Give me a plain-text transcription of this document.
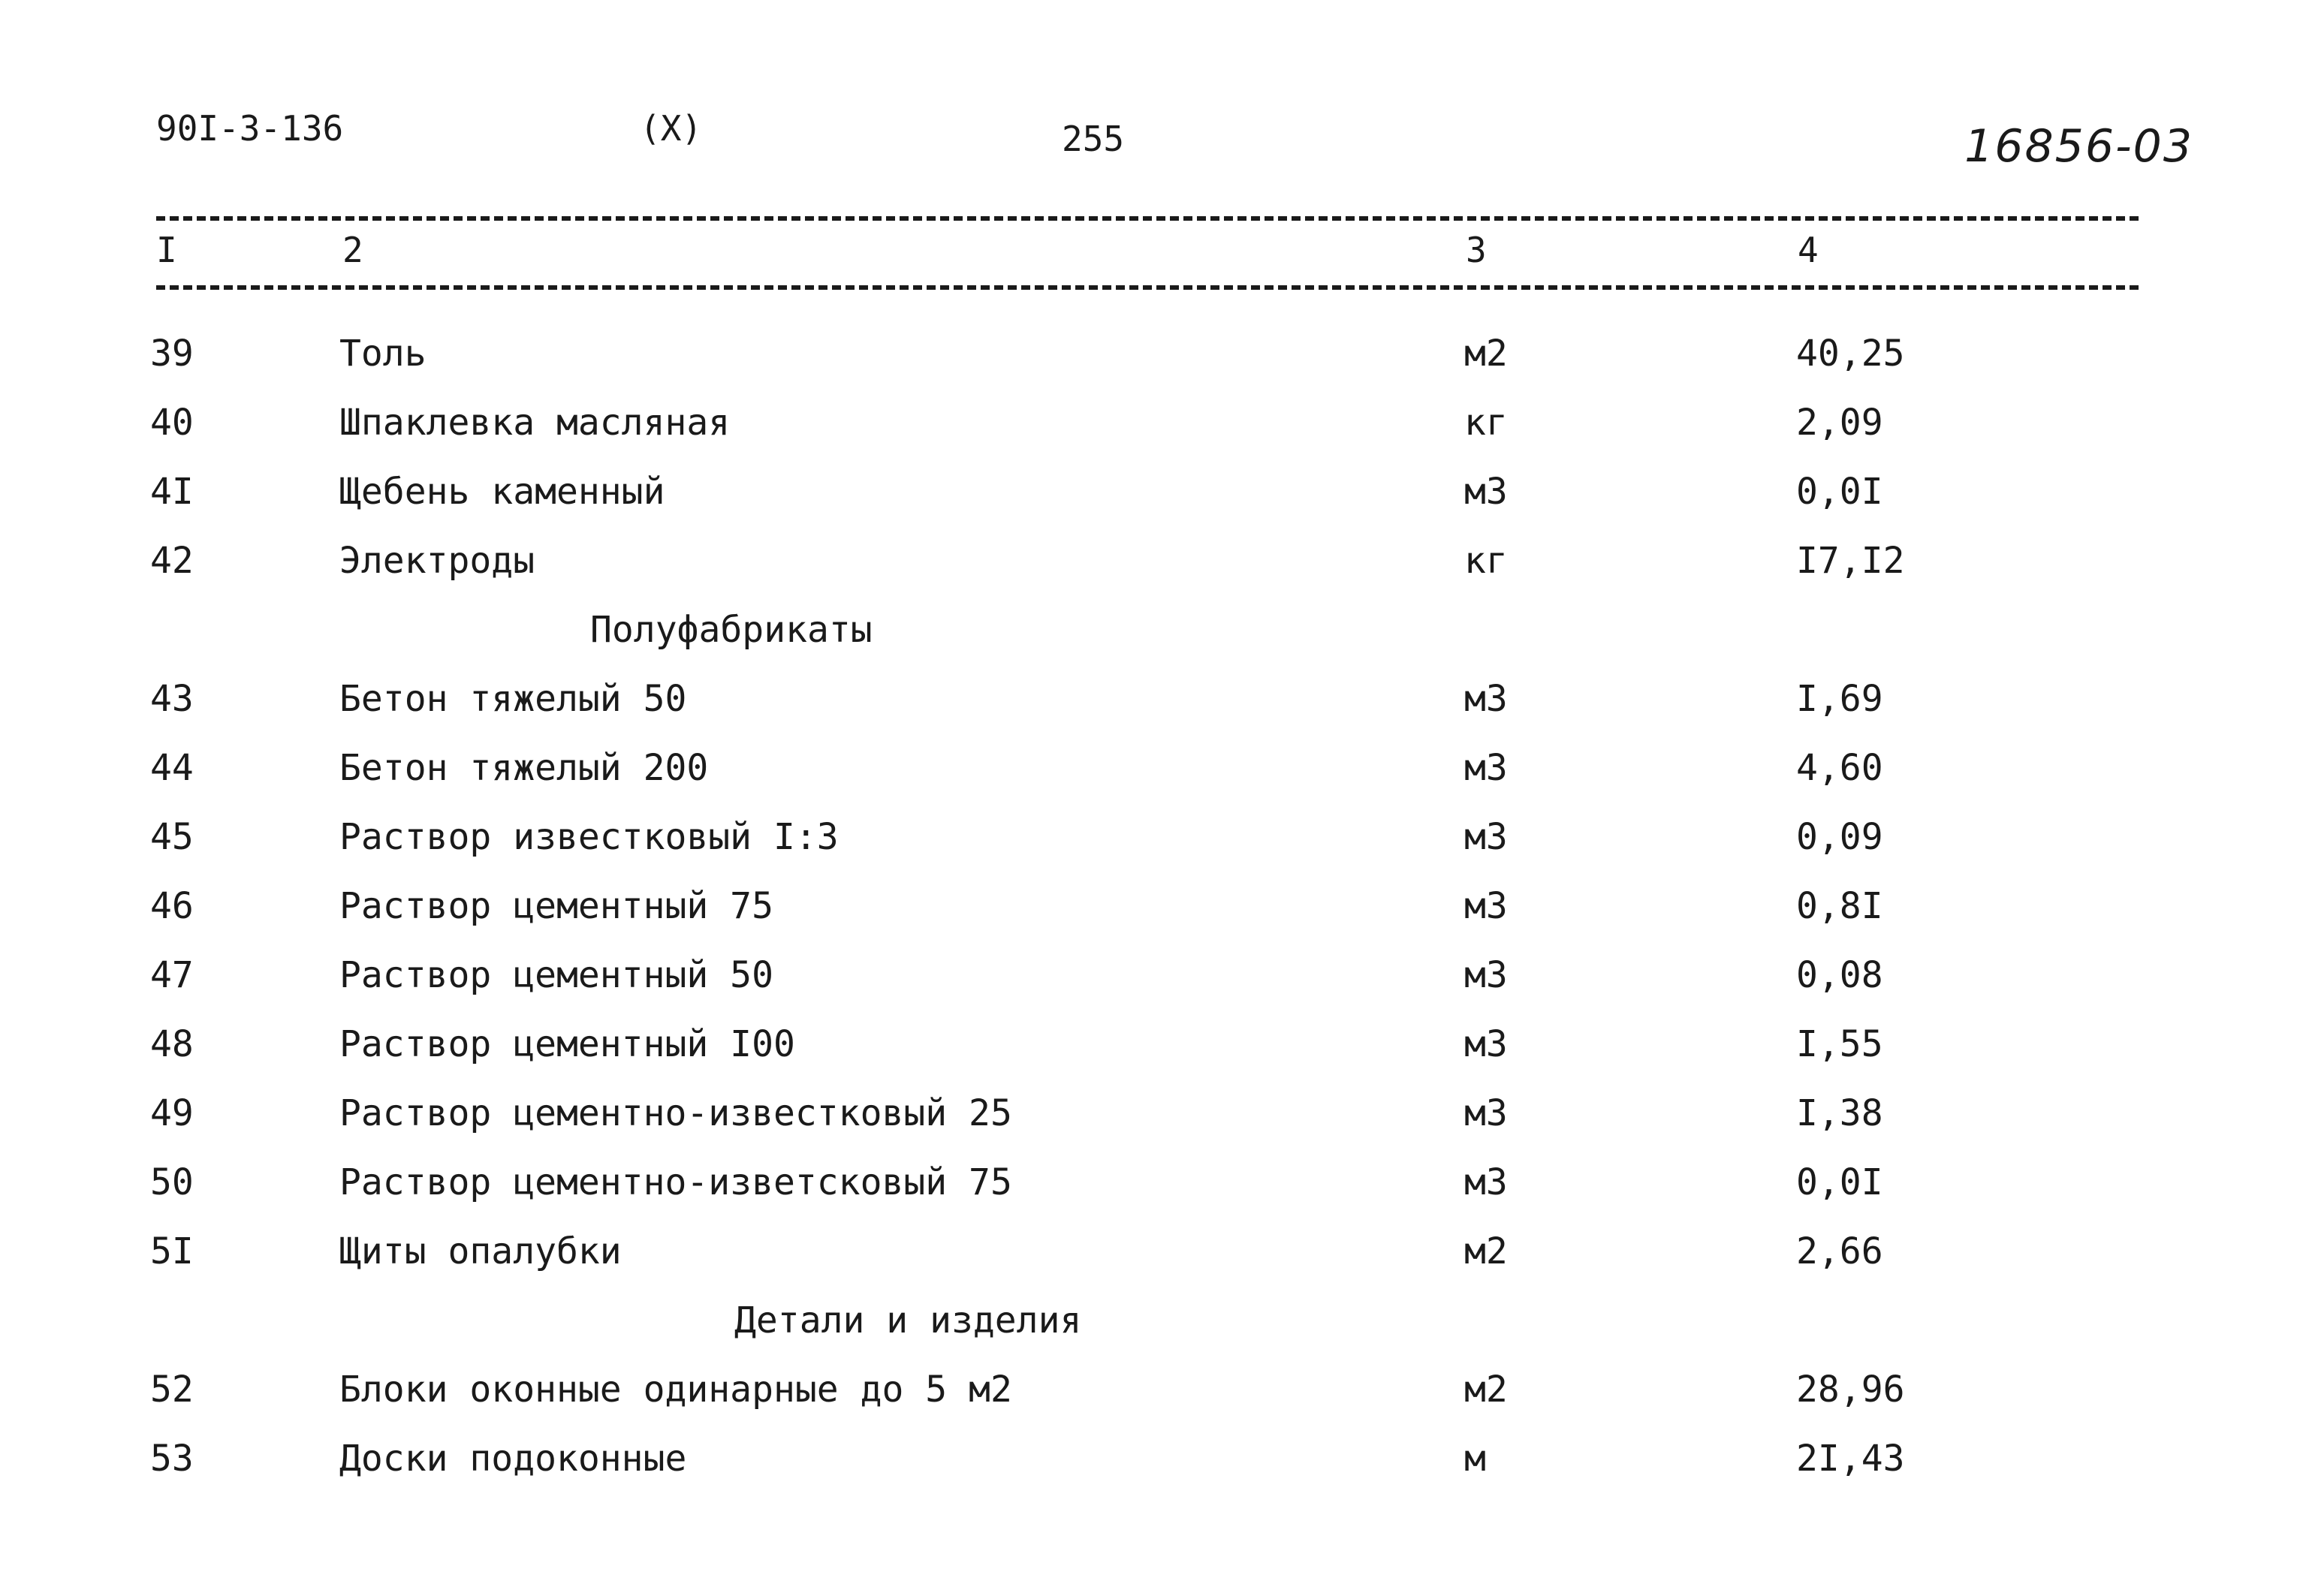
90I-3-136	(X)	255	16856-03
I	2	3	4
39	Толь	м2	40,25
40	Шпаклевка масляная	кг	2,09
4I	Щебень каменный	м3	0,0I
42	Электроды	кг	I7,I2
Полуфабрикаты
43	Бетон тяжелый 50	м3	I,69
44	Бетон тяжелый 200	м3	4,60
45	Раствор известковый I:3	м3	0,09
46	Раствор цементный 75	м3	0,8I
47	Раствор цементный 50	м3	0,08
48	Раствор цементный I00	м3	I,55
49	Раствор цементно-известковый 25	м3	I,38
50	Раствор цементно-изветсковый 75	м3	0,0I
5I	Щиты опалубки	м2	2,66
Детали и изделия
52	Блоки оконные одинарные до 5 м2	м2	28,96
53	Доски подоконные	м	2I,43
